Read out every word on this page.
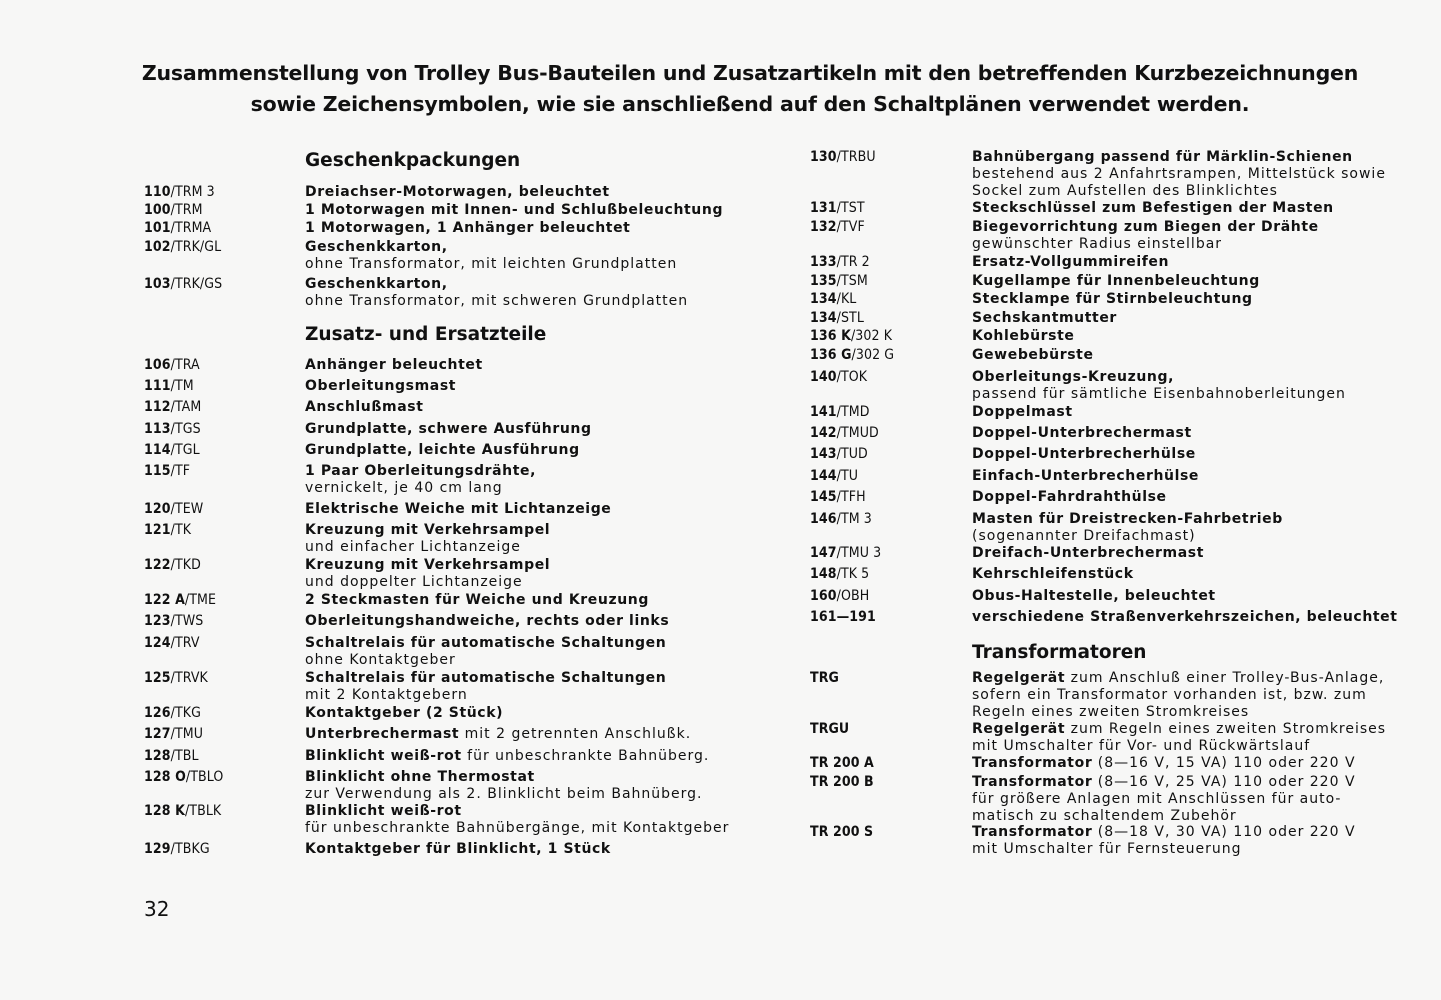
Zusammenstellung von Trolley Bus-Bauteilen und Zusatzartikeln mit den betreffenden Kurzbezeichnungen
sowie Zeichensymbolen, wie sie anschließend auf den Schaltplänen verwendet werden.
Geschenkpackungen
110/TRM 3	Dreiachser-Motorwagen, beleuchtet
100/TRM	1 Motorwagen mit Innen- und Schlußbeleuchtung
101/TRMA	1 Motorwagen, 1 Anhänger beleuchtet
102/TRK/GL	Geschenkkarton,
ohne Transformator, mit leichten Grundplatten
103/TRK/GS	Geschenkkarton,
ohne Transformator, mit schweren Grundplatten
Zusatz- und Ersatzteile
106/TRA	Anhänger beleuchtet
111/TM	Oberleitungsmast
112/TAM	Anschlußmast
113/TGS	Grundplatte, schwere Ausführung
114/TGL	Grundplatte, leichte Ausführung
115/TF	1 Paar Oberleitungsdrähte,
vernickelt, je 40 cm lang
120/TEW	Elektrische Weiche mit Lichtanzeige
121/TK	Kreuzung mit Verkehrsampel
und einfacher Lichtanzeige
122/TKD	Kreuzung mit Verkehrsampel
und doppelter Lichtanzeige
122 A/TME	2 Steckmasten für Weiche und Kreuzung
123/TWS	Oberleitungshandweiche, rechts oder links
124/TRV	Schaltrelais für automatische Schaltungen
ohne Kontaktgeber
125/TRVK	Schaltrelais für automatische Schaltungen
mit 2 Kontaktgebern
126/TKG	Kontaktgeber (2 Stück)
127/TMU	Unterbrechermast mit 2 getrennten Anschlußk.
128/TBL	Blinklicht weiß-rot für unbeschrankte Bahnüberg.
128 O/TBLO	Blinklicht ohne Thermostat
zur Verwendung als 2. Blinklicht beim Bahnüberg.
128 K/TBLK	Blinklicht weiß-rot
für unbeschrankte Bahnübergänge, mit Kontaktgeber
129/TBKG	Kontaktgeber für Blinklicht, 1 Stück
130/TRBU	Bahnübergang passend für Märklin-Schienen
bestehend aus 2 Anfahrtsrampen, Mittelstück sowie
Sockel zum Aufstellen des Blinklichtes
131/TST	Steckschlüssel zum Befestigen der Masten
132/TVF	Biegevorrichtung zum Biegen der Drähte
gewünschter Radius einstellbar
133/TR 2	Ersatz-Vollgummireifen
135/TSM	Kugellampe für Innenbeleuchtung
134/KL	Stecklampe für Stirnbeleuchtung
134/STL	Sechskantmutter
136 K/302 K	Kohlebürste
136 G/302 G	Gewebebürste
140/TOK	Oberleitungs-Kreuzung,
passend für sämtliche Eisenbahnoberleitungen
141/TMD	Doppelmast
142/TMUD	Doppel-Unterbrechermast
143/TUD	Doppel-Unterbrecherhülse
144/TU	Einfach-Unterbrecherhülse
145/TFH	Doppel-Fahrdrahthülse
146/TM 3	Masten für Dreistrecken-Fahrbetrieb
(sogenannter Dreifachmast)
147/TMU 3	Dreifach-Unterbrechermast
148/TK 5	Kehrschleifenstück
160/OBH	Obus-Haltestelle, beleuchtet
161—191	verschiedene Straßenverkehrszeichen, beleuchtet
Transformatoren
TRG	Regelgerät zum Anschluß einer Trolley-Bus-Anlage,
sofern ein Transformator vorhanden ist, bzw. zum
Regeln eines zweiten Stromkreises
TRGU	Regelgerät zum Regeln eines zweiten Stromkreises
mit Umschalter für Vor- und Rückwärtslauf
TR 200 A	Transformator (8—16 V, 15 VA) 110 oder 220 V
TR 200 B	Transformator (8—16 V, 25 VA) 110 oder 220 V
für größere Anlagen mit Anschlüssen für auto-
matisch zu schaltendem Zubehör
TR 200 S	Transformator (8—18 V, 30 VA) 110 oder 220 V
mit Umschalter für Fernsteuerung
32
